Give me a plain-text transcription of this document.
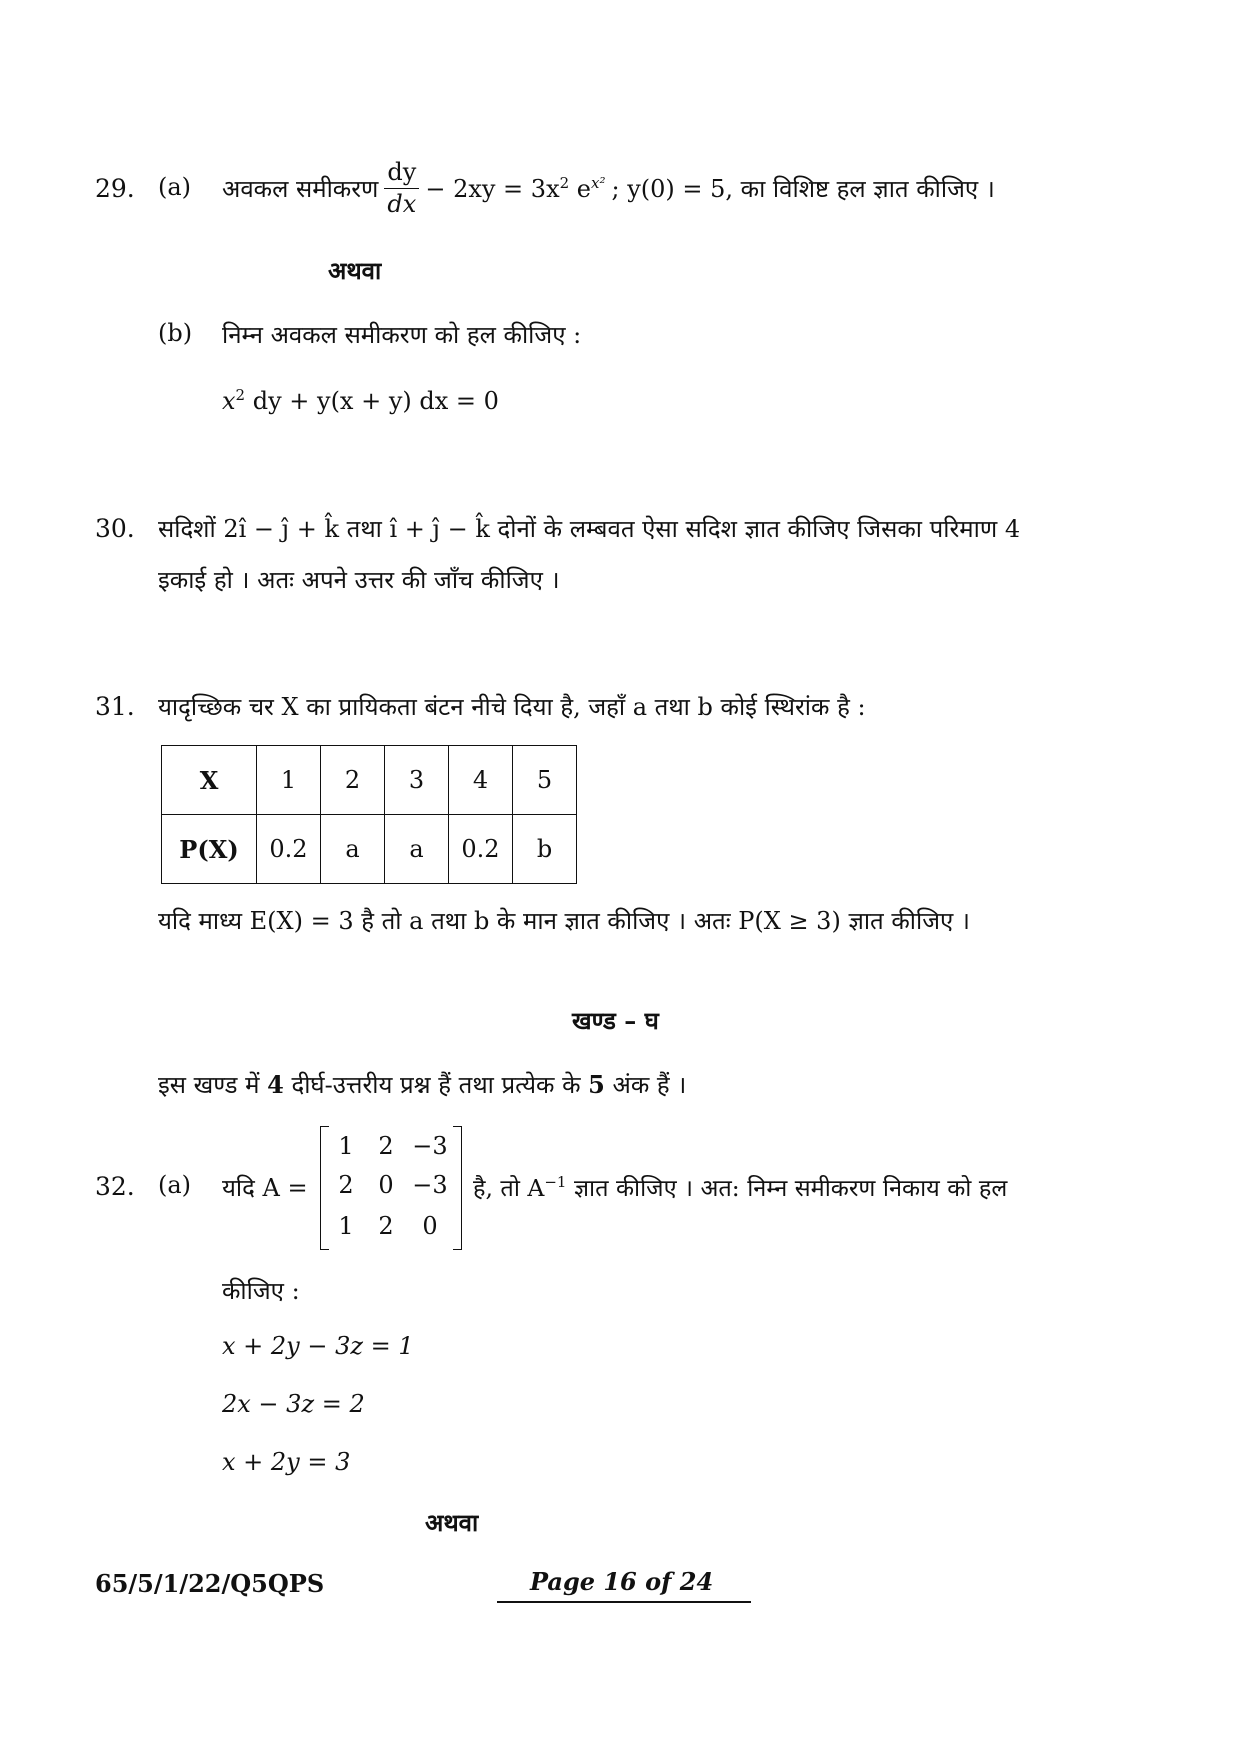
29. (a) अवकल समीकरण $\frac{dy}{dx} - 2xy = 3x^2$ $e^{x^2}$ ; y(0) = 5, का विशिष्ट हल ज्ञात कीजिए ।
अथवा
(b) निम्न अवकल समीकरण को हल कीजिए :
$x^2$ dy + y(x + y) dx = 0
30. सदिशों 2î − ĵ + k̂ तथा î + ĵ − k̂ दोनों के लम्बवत ऐसा सदिश ज्ञात कीजिए जिसका परिमाण 4
इकाई हो । अतः अपने उत्तर की जाँच कीजिए ।
31. यादृच्छिक चर X का प्रायिकता बंटन नीचे दिया है, जहाँ a तथा b कोई स्थिरांक है :
X	1	2	3	4	5
P(X)	0.2	a	a	0.2	b
यदि माध्य E(X) = 3 है तो a तथा b के मान ज्ञात कीजिए । अतः P(X ≥ 3) ज्ञात कीजिए ।
खण्ड – घ
इस खण्ड में 4 दीर्घ-उत्तरीय प्रश्न हैं तथा प्रत्येक के 5 अंक हैं ।
32. (a) यदि A =
1	2 −3
2	0 −3
1	2	0
है, तो $A^{-1}$ ज्ञात कीजिए । अत: निम्न समीकरण निकाय को हल
कीजिए :
x + 2y − 3z = 1
2x − 3z = 2
x + 2y = 3
अथवा
65/5/1/22/Q5QPS	Page 16 of 24
